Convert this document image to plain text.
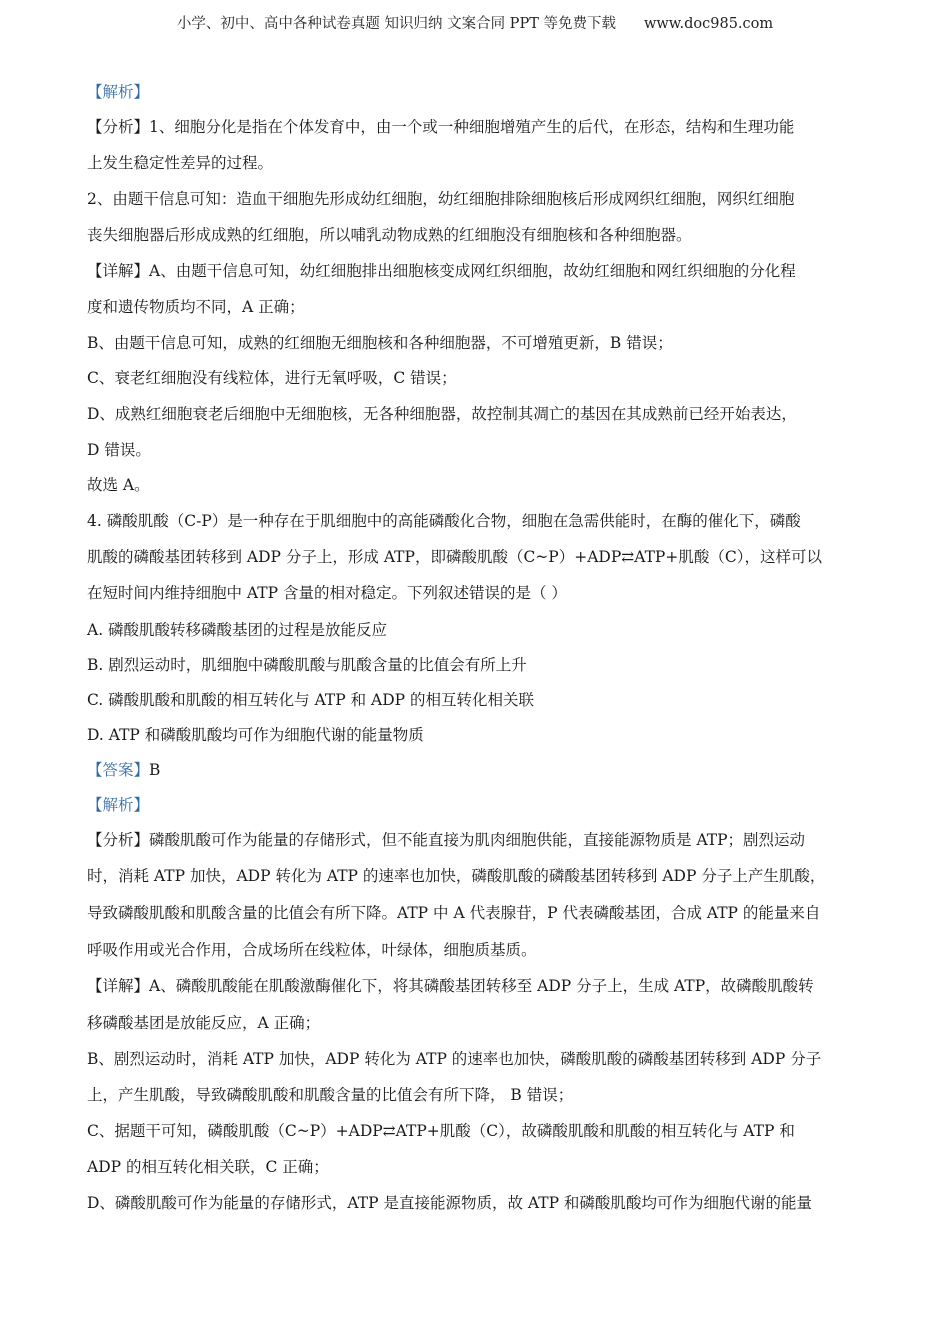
小学、初中、高中各种试卷真题 知识归纳 文案合同 PPT 等免费下载 www.doc985.com
【解析】
【分析】1、细胞分化是指在个体发育中，由一个或一种细胞增殖产生的后代，在形态，结构和生理功能
上发生稳定性差异的过程。
2、由题干信息可知：造血干细胞先形成幼红细胞，幼红细胞排除细胞核后形成网织红细胞，网织红细胞
丧失细胞器后形成成熟的红细胞，所以哺乳动物成熟的红细胞没有细胞核和各种细胞器。
【详解】A、由题干信息可知，幼红细胞排出细胞核变成网红织细胞，故幼红细胞和网红织细胞的分化程
度和遗传物质均不同，A 正确；
B、由题干信息可知，成熟的红细胞无细胞核和各种细胞器，不可增殖更新，B 错误；
C、衰老红细胞没有线粒体，进行无氧呼吸，C 错误；
D、成熟红细胞衰老后细胞中无细胞核，无各种细胞器，故控制其凋亡的基因在其成熟前已经开始表达，
D 错误。
故选 A。
4. 磷酸肌酸（C-P）是一种存在于肌细胞中的高能磷酸化合物，细胞在急需供能时，在酶的催化下，磷酸
肌酸的磷酸基团转移到 ADP 分子上，形成 ATP，即磷酸肌酸（C~P）+ADP⇄ATP+肌酸（C），这样可以
在短时间内维持细胞中 ATP 含量的相对稳定。下列叙述错误的是（ ）
A. 磷酸肌酸转移磷酸基团的过程是放能反应
B. 剧烈运动时，肌细胞中磷酸肌酸与肌酸含量的比值会有所上升
C. 磷酸肌酸和肌酸的相互转化与 ATP 和 ADP 的相互转化相关联
D. ATP 和磷酸肌酸均可作为细胞代谢的能量物质
【答案】B
【解析】
【分析】磷酸肌酸可作为能量的存储形式，但不能直接为肌肉细胞供能，直接能源物质是 ATP；剧烈运动
时，消耗 ATP 加快，ADP 转化为 ATP 的速率也加快，磷酸肌酸的磷酸基团转移到 ADP 分子上产生肌酸，
导致磷酸肌酸和肌酸含量的比值会有所下降。ATP 中 A 代表腺苷，P 代表磷酸基团，合成 ATP 的能量来自
呼吸作用或光合作用，合成场所在线粒体，叶绿体，细胞质基质。
【详解】A、磷酸肌酸能在肌酸激酶催化下，将其磷酸基团转移至 ADP 分子上，生成 ATP，故磷酸肌酸转
移磷酸基团是放能反应，A 正确；
B、剧烈运动时，消耗 ATP 加快，ADP 转化为 ATP 的速率也加快，磷酸肌酸的磷酸基团转移到 ADP 分子
上，产生肌酸，导致磷酸肌酸和肌酸含量的比值会有所下降， B 错误；
C、据题干可知，磷酸肌酸（C~P）+ADP⇄ATP+肌酸（C），故磷酸肌酸和肌酸的相互转化与 ATP 和
ADP 的相互转化相关联，C 正确；
D、磷酸肌酸可作为能量的存储形式，ATP 是直接能源物质，故 ATP 和磷酸肌酸均可作为细胞代谢的能量
